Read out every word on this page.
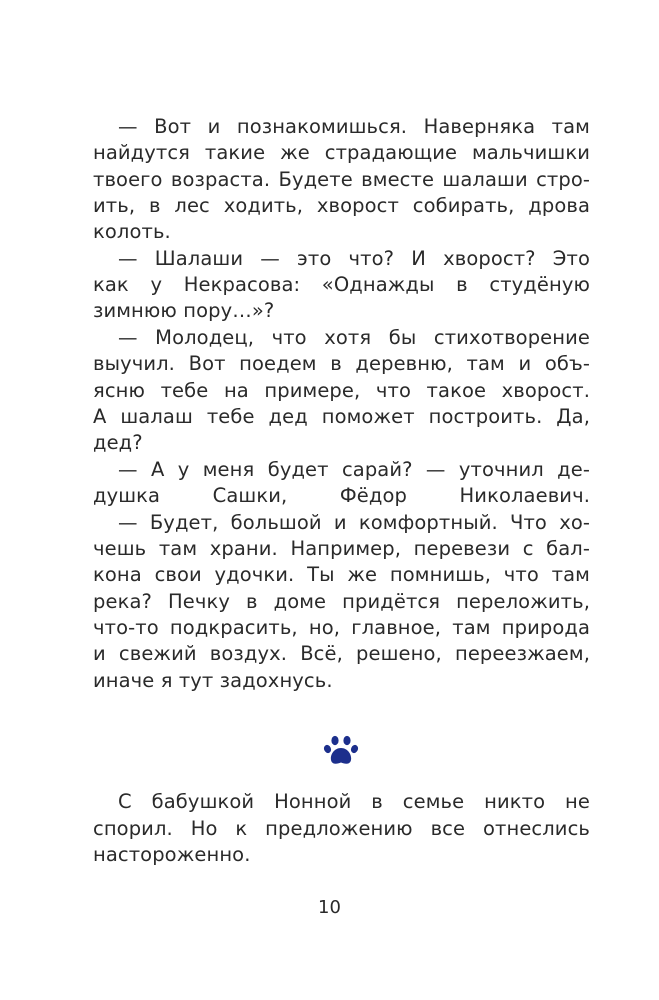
— Вот и познакомишься. Наверняка там
найдутся такие же страдающие мальчишки
твоего возраста. Будете вместе шалаши стро-
ить, в лес ходить, хворост собирать, дрова
колоть.
— Шалаши — это что? И хворост? Это
как у Некрасова: «Однажды в студёную
зимнюю пору…»?
— Молодец, что хотя бы стихотворение
выучил. Вот поедем в деревню, там и объ-
ясню тебе на примере, что такое хворост.
А шалаш тебе дед поможет построить. Да,
дед?
— А у меня будет сарай? — уточнил де-
душка Сашки, Фёдор Николаевич.
— Будет, большой и комфортный. Что хо-
чешь там храни. Например, перевези с бал-
кона свои удочки. Ты же помнишь, что там
река? Печку в доме придётся переложить,
что-то подкрасить, но, главное, там природа
и свежий воздух. Всё, решено, переезжаем,
иначе я тут задохнусь.
С бабушкой Нонной в семье никто не
спорил. Но к предложению все отнеслись
настороженно.
10
